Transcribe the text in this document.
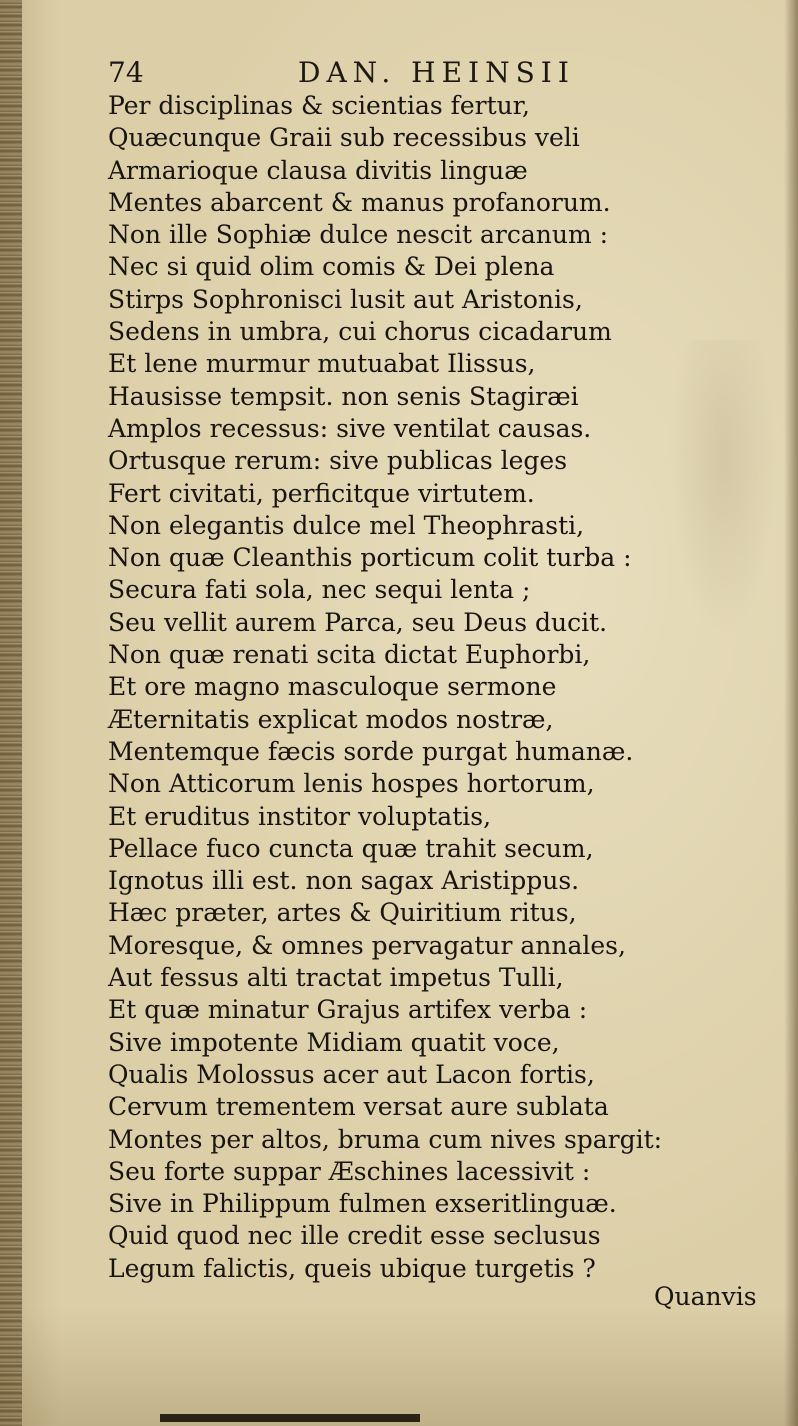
74	DAN. HEINSII
Per disciplinas & scientias fertur,
Quæcunque Graii sub recessibus veli
Armarioque clausa divitis linguæ
Mentes abarcent & manus profanorum.
Non ille Sophiæ dulce nescit arcanum :
Nec si quid olim comis & Dei plena
Stirps Sophronisci lusit aut Aristonis,
Sedens in umbra, cui chorus cicadarum
Et lene murmur mutuabat Ilissus,
Hausisse tempsit. non senis Stagiræi
Amplos recessus: sive ventilat causas.
Ortusque rerum: sive publicas leges
Fert civitati, perficitque virtutem.
Non elegantis dulce mel Theophrasti,
Non quæ Cleanthis porticum colit turba :
Secura fati sola, nec sequi lenta ;
Seu vellit aurem Parca, seu Deus ducit.
Non quæ renati scita dictat Euphorbi,
Et ore magno masculoque sermone
Æternitatis explicat modos nostræ,
Mentemque fæcis sorde purgat humanæ.
Non Atticorum lenis hospes hortorum,
Et eruditus institor voluptatis,
Pellace fuco cuncta quæ trahit secum,
Ignotus illi est. non sagax Aristippus.
Hæc præter, artes & Quiritium ritus,
Moresque, & omnes pervagatur annales,
Aut fessus alti tractat impetus Tulli,
Et quæ minatur Grajus artifex verba :
Sive impotente Midiam quatit voce,
Qualis Molossus acer aut Lacon fortis,
Cervum trementem versat aure sublata
Montes per altos, bruma cum nives spargit:
Seu forte suppar Æschines lacessivit :
Sive in Philippum fulmen exseritlinguæ.
Quid quod nec ille credit esse seclusus
Legum falictis, queis ubique turgetis ?
Quanvis
